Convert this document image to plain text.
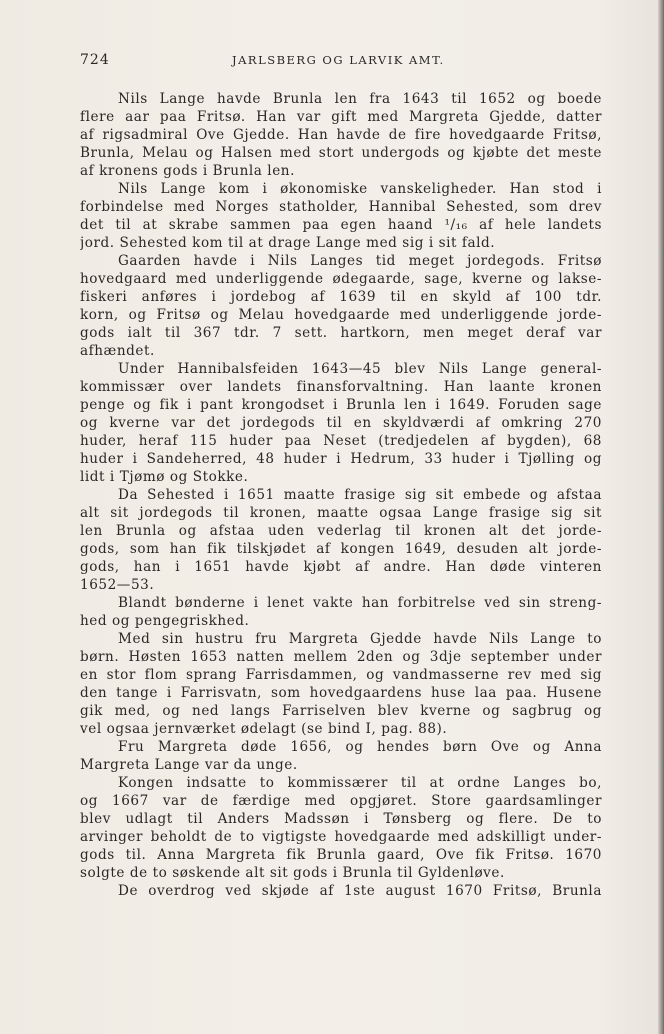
724	JARLSBERG OG LARVIK AMT.
Nils Lange havde Brunla len fra 1643 til 1652 og boede
flere aar paa Fritsø. Han var gift med Margreta Gjedde, datter
af rigsadmiral Ove Gjedde. Han havde de fire hovedgaarde Fritsø,
Brunla, Melau og Halsen med stort undergods og kjøbte det meste
af kronens gods i Brunla len.
Nils Lange kom i økonomiske vanskeligheder. Han stod i
forbindelse med Norges statholder, Hannibal Sehested, som drev
det til at skrabe sammen paa egen haand ¹/₁₆ af hele landets
jord. Sehested kom til at drage Lange med sig i sit fald.
Gaarden havde i Nils Langes tid meget jordegods. Fritsø
hovedgaard med underliggende ødegaarde, sage, kverne og lakse-
fiskeri anføres i jordebog af 1639 til en skyld af 100 tdr.
korn, og Fritsø og Melau hovedgaarde med underliggende jorde-
gods ialt til 367 tdr. 7 sett. hartkorn, men meget deraf var
afhændet.
Under Hannibalsfeiden 1643—45 blev Nils Lange general-
kommissær over landets finansforvaltning. Han laante kronen
penge og fik i pant krongodset i Brunla len i 1649. Foruden sage
og kverne var det jordegods til en skyldværdi af omkring 270
huder, heraf 115 huder paa Neset (tredjedelen af bygden), 68
huder i Sandeherred, 48 huder i Hedrum, 33 huder i Tjølling og
lidt i Tjømø og Stokke.
Da Sehested i 1651 maatte frasige sig sit embede og afstaa
alt sit jordegods til kronen, maatte ogsaa Lange frasige sig sit
len Brunla og afstaa uden vederlag til kronen alt det jorde-
gods, som han fik tilskjødet af kongen 1649, desuden alt jorde-
gods, han i 1651 havde kjøbt af andre. Han døde vinteren
1652—53.
Blandt bønderne i lenet vakte han forbitrelse ved sin streng-
hed og pengegriskhed.
Med sin hustru fru Margreta Gjedde havde Nils Lange to
børn. Høsten 1653 natten mellem 2den og 3dje september under
en stor flom sprang Farrisdammen, og vandmasserne rev med sig
den tange i Farrisvatn, som hovedgaardens huse laa paa. Husene
gik med, og ned langs Farriselven blev kverne og sagbrug og
vel ogsaa jernværket ødelagt (se bind I, pag. 88).
Fru Margreta døde 1656, og hendes børn Ove og Anna
Margreta Lange var da unge.
Kongen indsatte to kommissærer til at ordne Langes bo,
og 1667 var de færdige med opgjøret. Store gaardsamlinger
blev udlagt til Anders Madssøn i Tønsberg og flere. De to
arvinger beholdt de to vigtigste hovedgaarde med adskilligt under-
gods til. Anna Margreta fik Brunla gaard, Ove fik Fritsø. 1670
solgte de to søskende alt sit gods i Brunla til Gyldenløve.
De overdrog ved skjøde af 1ste august 1670 Fritsø, Brunla
